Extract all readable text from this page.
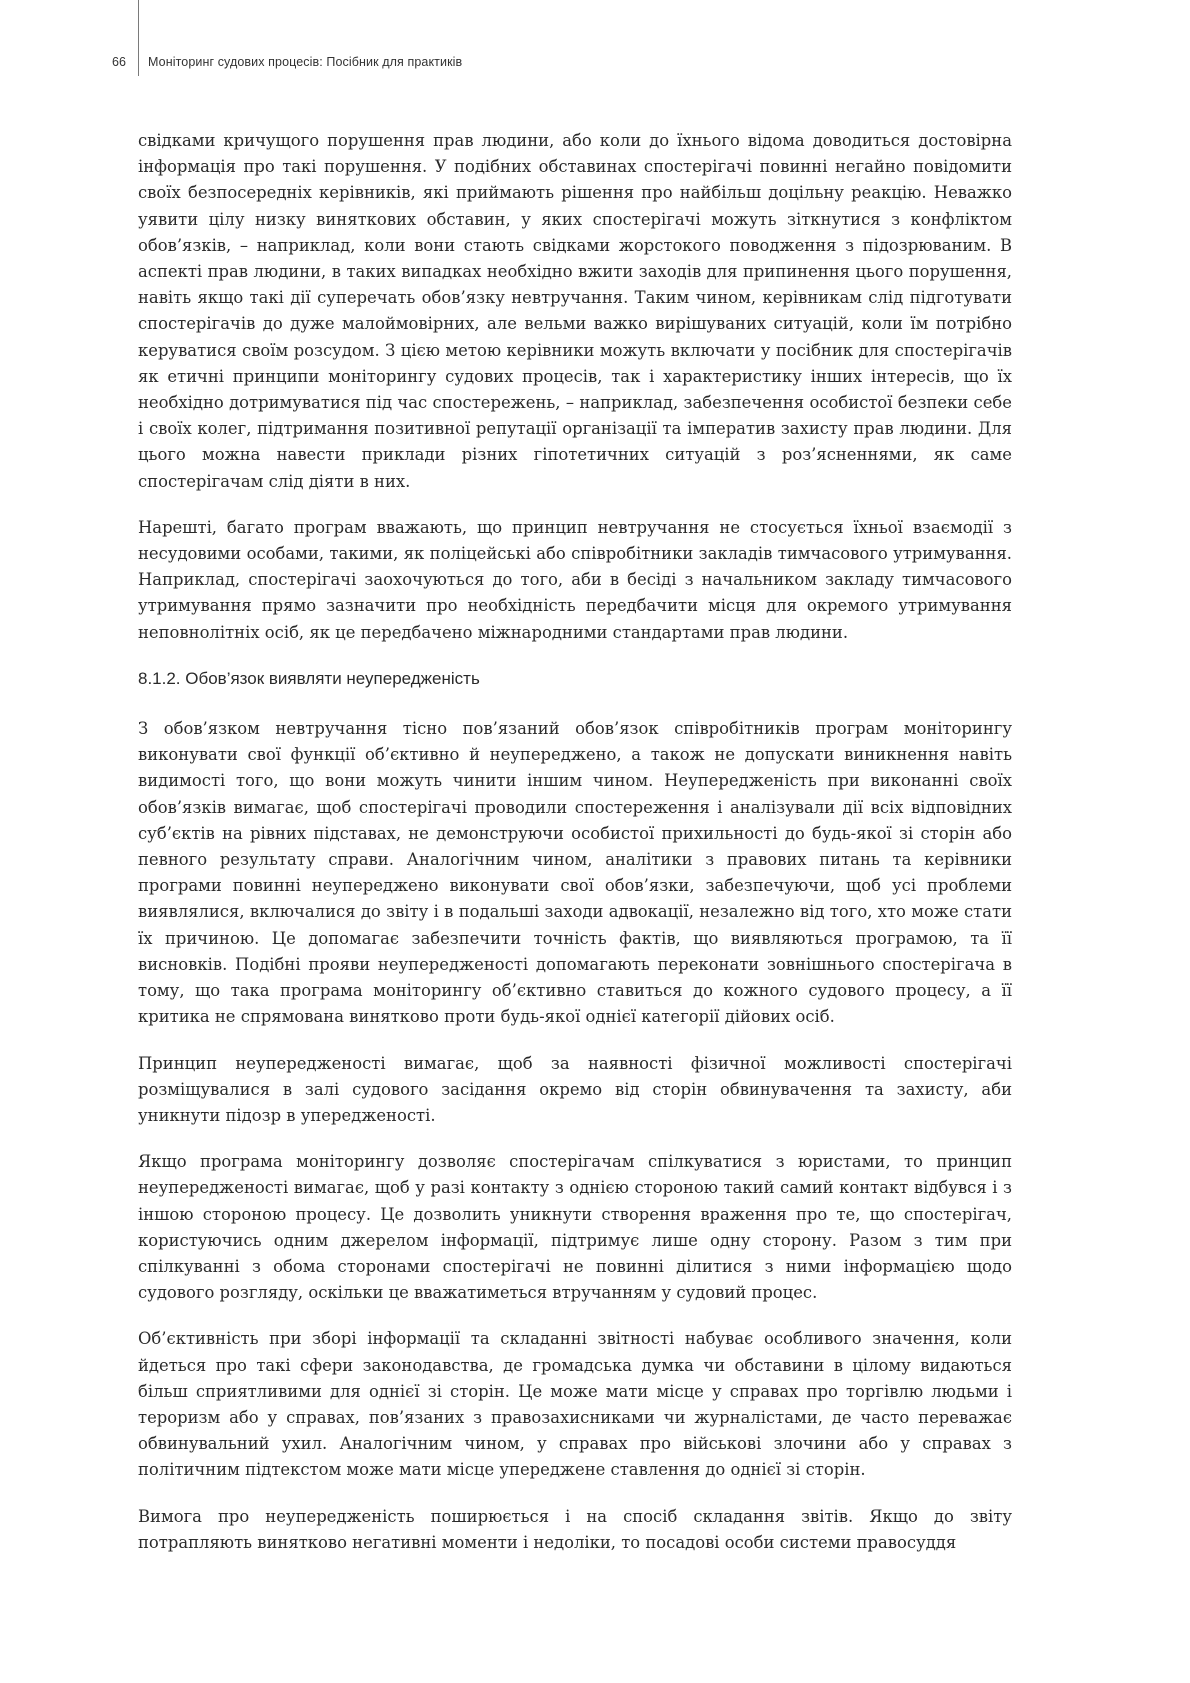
66	Моніторинг судових процесів: Посібник для практиків

свідками кричущого порушення прав людини, або коли до їхнього відома доводиться достовірна інформація про такі порушення. У подібних обставинах спостерігачі повинні негайно повідомити своїх безпосередніх керівників, які приймають рішення про найбільш доцільну реакцію. Неважко уявити цілу низку виняткових обставин, у яких спостерігачі можуть зіткнутися з конфліктом обов’язків, – наприклад, коли вони стають свідками жорстокого поводження з підозрюваним. В аспекті прав людини, в таких випадках необхідно вжити заходів для припинення цього порушення, навіть якщо такі дії суперечать обов’язку невтручання. Таким чином, керівникам слід підготувати спостерігачів до дуже малоймовірних, але вельми важко вирішуваних ситуацій, коли їм потрібно керуватися своїм розсудом. З цією метою керівники можуть включати у посібник для спостерігачів як етичні принципи моніторингу судових процесів, так і характеристику інших інтересів, що їх необхідно дотримуватися під час спостережень, – наприклад, забезпечення особистої безпеки себе і своїх колег, підтримання позитивної репутації організації та імператив захисту прав людини. Для цього можна навести приклади різних гіпотетичних ситуацій з роз’ясненнями, як саме спостерігачам слід діяти в них.

Нарешті, багато програм вважають, що принцип невтручання не стосується їхньої взаємодії з несудовими особами, такими, як поліцейські або співробітники закладів тимчасового утримування. Наприклад, спостерігачі заохочуються до того, аби в бесіді з начальником закладу тимчасового утримування прямо зазначити про необхідність передбачити місця для окремого утримування неповнолітніх осіб, як це передбачено міжнародними стандартами прав людини.

8.1.2. Обов’язок виявляти неупередженість

З обов’язком невтручання тісно пов’язаний обов’язок співробітників програм моніторингу виконувати свої функції об’єктивно й неупереджено, а також не допускати виникнення навіть видимості того, що вони можуть чинити іншим чином. Неупередженість при виконанні своїх обов’язків вимагає, щоб спостерігачі проводили спостереження і аналізували дії всіх відповідних суб’єктів на рівних підставах, не демонструючи особистої прихильності до будь-якої зі сторін або певного результату справи. Аналогічним чином, аналітики з правових питань та керівники програми повинні неупереджено виконувати свої обов’язки, забезпечуючи, щоб усі проблеми виявлялися, включалися до звіту і в подальші заходи адвокації, незалежно від того, хто може стати їх причиною. Це допомагає забезпечити точність фактів, що виявляються програмою, та її висновків. Подібні прояви неупередженості допомагають переконати зовнішнього спостерігача в тому, що така програма моніторингу об’єктивно ставиться до кожного судового процесу, а її критика не спрямована винятково проти будь-якої однієї категорії дійових осіб.

Принцип неупередженості вимагає, щоб за наявності фізичної можливості спостерігачі розміщувалися в залі судового засідання окремо від сторін обвинувачення та захисту, аби уникнути підозр в упередженості.

Якщо програма моніторингу дозволяє спостерігачам спілкуватися з юристами, то принцип неупередженості вимагає, щоб у разі контакту з однією стороною такий самий контакт відбувся і з іншою стороною процесу. Це дозволить уникнути створення враження про те, що спостерігач, користуючись одним джерелом інформації, підтримує лише одну сторону. Разом з тим при спілкуванні з обома сторонами спостерігачі не повинні ділитися з ними інформацією щодо судового розгляду, оскільки це вважатиметься втручанням у судовий процес.

Об’єктивність при зборі інформації та складанні звітності набуває особливого значення, коли йдеться про такі сфери законодавства, де громадська думка чи обставини в цілому видаються більш сприятливими для однієї зі сторін. Це може мати місце у справах про торгівлю людьми і тероризм або у справах, пов’язаних з правозахисниками чи журналістами, де часто переважає обвинувальний ухил. Аналогічним чином, у справах про військові злочини або у справах з політичним підтекстом може мати місце упереджене ставлення до однієї зі сторін.

Вимога про неупередженість поширюється і на спосіб складання звітів. Якщо до звіту потрапляють винятково негативні моменти і недоліки, то посадові особи системи правосуддя
